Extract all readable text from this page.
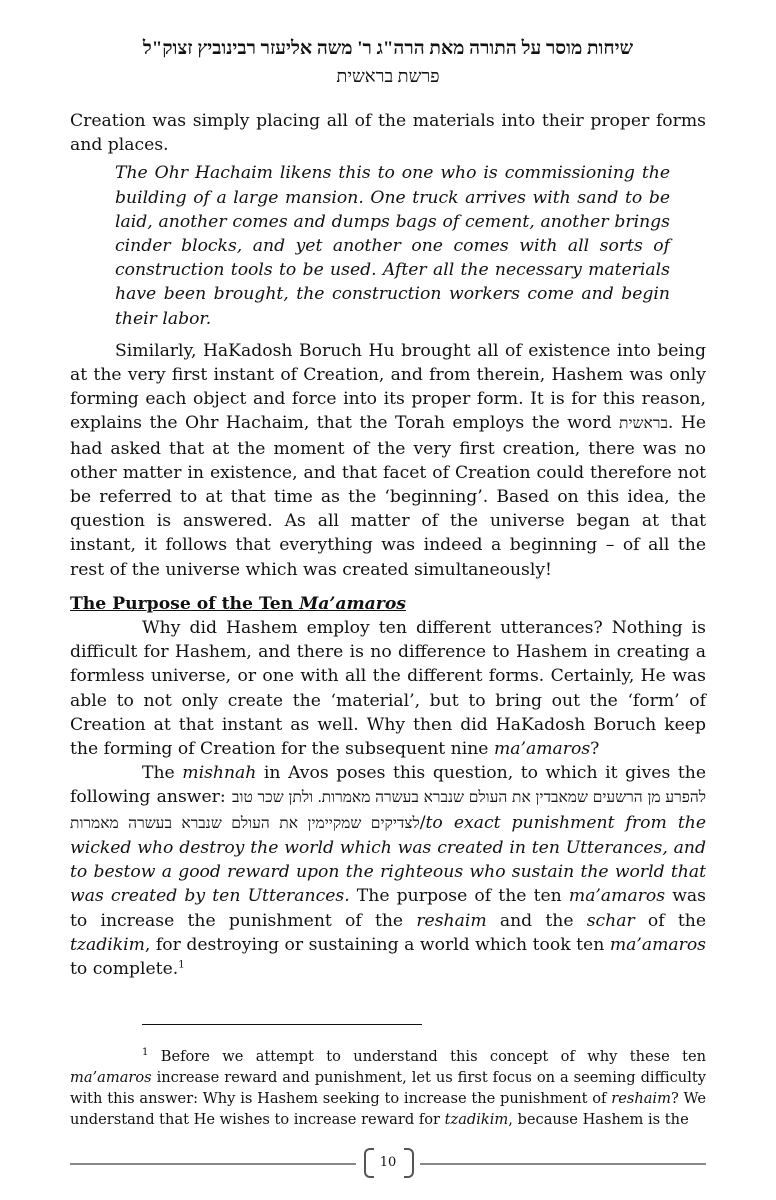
שיחות מוסר על התורה מאת הרה"ג ר' משה אליעזר רבינוביץ זצוק"ל
פרשת בראשית
Creation was simply placing all of the materials into their proper forms and places.
The Ohr Hachaim likens this to one who is commissioning the building of a large mansion. One truck arrives with sand to be laid, another comes and dumps bags of cement, another brings cinder blocks, and yet another one comes with all sorts of construction tools to be used. After all the necessary materials have been brought, the construction workers come and begin their labor.
Similarly, HaKadosh Boruch Hu brought all of existence into being at the very first instant of Creation, and from therein, Hashem was only forming each object and force into its proper form. It is for this reason, explains the Ohr Hachaim, that the Torah employs the word בראשית. He had asked that at the moment of the very first creation, there was no other matter in existence, and that facet of Creation could therefore not be referred to at that time as the ‘beginning’. Based on this idea, the question is answered. As all matter of the universe began at that instant, it follows that everything was indeed a beginning – of all the rest of the universe which was created simultaneously!
The Purpose of the Ten Ma’amaros
Why did Hashem employ ten different utterances? Nothing is difficult for Hashem, and there is no difference to Hashem in creating a formless universe, or one with all the different forms. Certainly, He was able to not only create the ‘material’, but to bring out the ‘form’ of Creation at that instant as well. Why then did HaKadosh Boruch keep the forming of Creation for the subsequent nine ma’amaros?
The mishnah in Avos poses this question, to which it gives the following answer: להפרע מן הרשעים שמאבדין את העולם שנברא בעשרה מאמרות. ולתן שכר טוב לצדיקים שמקיימין את העולם שנברא בעשרה מאמרות/to exact punishment from the wicked who destroy the world which was created in ten Utterances, and to bestow a good reward upon the righteous who sustain the world that was created by ten Utterances. The purpose of the ten ma’amaros was to increase the punishment of the reshaim and the schar of the tzadikim, for destroying or sustaining a world which took ten ma’amaros to complete.$^1$
$^1$ Before we attempt to understand this concept of why these ten ma’amaros increase reward and punishment, let us first focus on a seeming difficulty with this answer: Why is Hashem seeking to increase the punishment of reshaim? We understand that He wishes to increase reward for tzadikim, because Hashem is the
10
